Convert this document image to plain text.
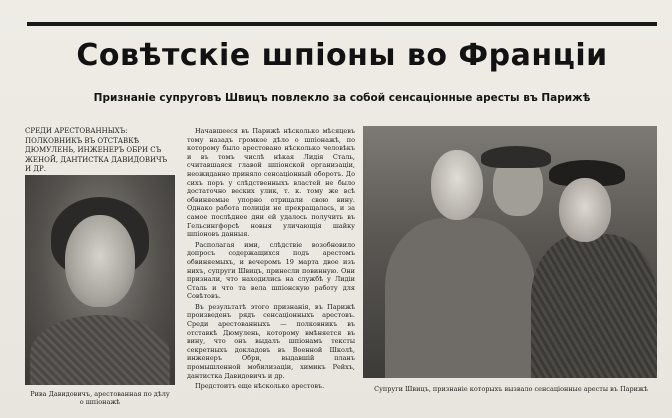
Совѣтскiе шпiоны во Францiи
Признанiе супруговъ Швицъ повлекло за собой сенсацiонные аресты въ Парижѣ
СРЕДИ АРЕСТОВАННЫХЪ: ПОЛКОВНИКЪ ВЪ ОТСТАВКѢ ДЮМУЛЕНЬ, ИНЖЕНЕРЪ ОБРИ СЪ ЖЕНОЙ, ДАНТИСТКА ДАВИДОВИЧЪ И ДР.
Рива Давидовичъ, арестованная по дѣлу о шпiонажѣ

Начавшееся въ Парижѣ нѣсколько мѣсяцевъ тому назадъ громкое дѣло о шпiонажѣ, по которому было арестовано нѣсколько человѣкъ и въ томъ числѣ нѣкая Лидiя Сталь, считавшаяся главой шпiонской организацiи, неожиданно приняло сенсацiонный оборотъ. До сихъ поръ у слѣдственныхъ властей не было достаточно веских улик, т. к. тому же всѣ обвиняемые упорно отрицали свою вину. Однако работа полиціи не прекращалась, и за самое послѣднее дни ей удалось получить въ Гельсингфорсѣ новыя уличающія шайку шпіоновъ данныя.

Располагая ими, слѣдствіе возобновило допросъ содержащихся подъ арестомъ обвиняемыхъ, и вечеромъ 19 марта двое изъ нихъ, супруги Швицъ, принесли повинную. Они признали, что находились на службѣ у Лидiи Сталь и что та вела шпiонскую работу для Совѣтовъ.

Въ результатѣ этого признанія, въ Парижѣ произведенъ рядъ сенсаціонныхъ арестовъ. Среди арестованныхъ — полковникъ въ отставкѣ Дюмулень, которому вмѣняется въ вину, что онъ выдалъ шпіонамъ тексты секретныхъ докладовъ въ Военной Школѣ, инженеръ Обри, выдавшій планъ промышленной мобилизаціи, химикъ Рейхъ, дантистка Давидовичъ и др.

Предстоитъ еще нѣсколько арестовъ.	Супруги Швицъ, признанiе которыхъ вызвало сенсацiонные аресты въ Парижѣ
